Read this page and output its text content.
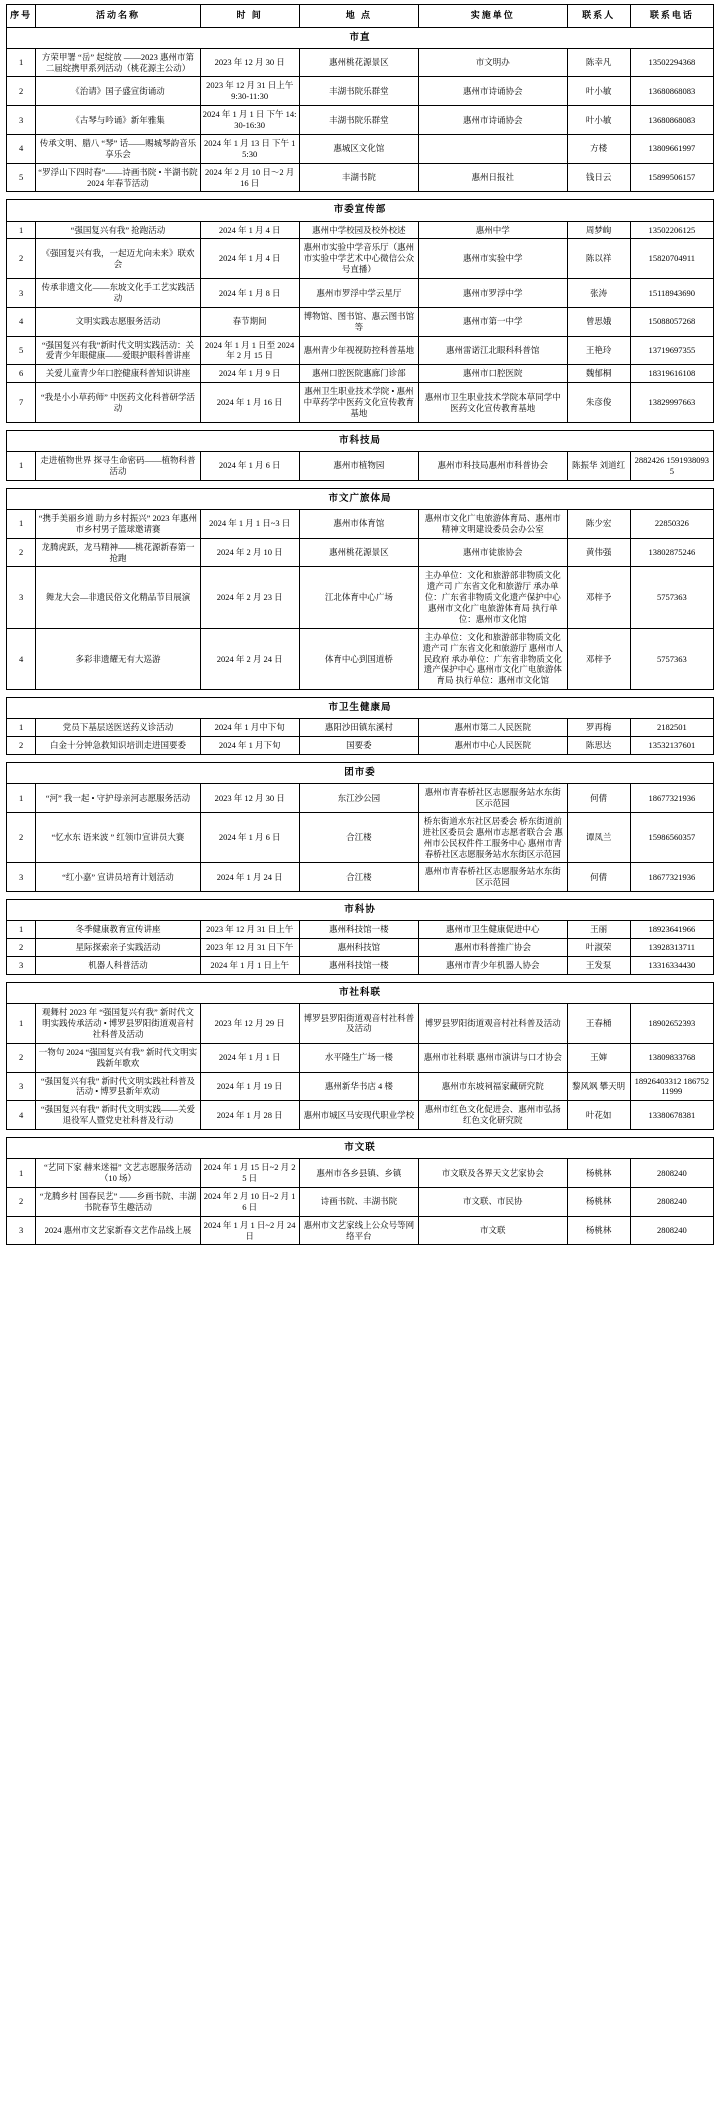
序号	活动名称	时 间	地 点	实施单位	联系人	联系电话
市直						
1	方荣甲署 “岳” 起绽放 ——2023 惠州市第二届绽携甲系列活动（桃花源主公动）	2023 年 12 月 30 日	惠州桃花源景区	市文明办	陈幸凡	13502294368
2	《治请》国子盛宣街诵动	2023 年 12 月 31 日上午 9:30-11:30	丰湖书院乐群堂	惠州市诗诵协会	叶小敏	13680868083
3	《古琴与吟诵》新年雅集	2024 年 1 月 1 日 下午 14:30-16:30	丰湖书院乐群堂	惠州市诗诵协会	叶小敏	13680868083
4	传承文明、腊八 “琴” 话——赐城琴韵音乐享乐会	2024 年 1 月 13 日 下午 15:30	惠城区文化馆		方楼	13809661997
5	“罗浮山下四时春”——诗画书院 • 半湖书院 2024 年春节活动	2024 年 2 月 10 日～2 月 16 日	丰湖书院	惠州日报社	钱日云	15899506157

市委宣传部						
1	“强国复兴有我” 抢跑活动	2024 年 1 月 4 日	惠州中学校园及校外校述	惠州中学	周梦岣	13502206125
2	《强国复兴有我，一起迈尤向未来》联欢会	2024 年 1 月 4 日	惠州市实验中学音乐厅（惠州市实验中学艺术中心微信公众号直播）	惠州市实验中学	陈以祥	15820704911
3	传承非遗文化——东坡文化手工艺实践活动	2024 年 1 月 8 日	惠州市罗浮中学云星厅	惠州市罗浮中学	张涛	15118943690
4	文明实践志愿服务活动	春节期间	博物馆、图书馆、惠云图书馆等	惠州市第一中学	曾思娥	15088057268
5	“强国复兴有我”新时代文明实践活动：关爱青少年眼健康——爱眼护眼科普讲座	2024 年 1 月 1 日至 2024 年 2 月 15 日	惠州青少年视视防控科普基地	惠州雷诺江北眼科科普馆	王艳玲	13719697355
6	关爱儿童青少年口腔健康科普知识讲座	2024 年 1 月 9 日	惠州口腔医院惠廊门诊部	惠州市口腔医院	魏郁桐	18319616108
7	“我是小小草药师” 中医药文化科普研学活动	2024 年 1 月 16 日	惠州卫生职业技术学院 • 惠州中草药学中医药文化宣传教育基地	惠州市卫生职业技术学院本草同学中医药文化宣传教育基地	朱彦俊	13829997663

市科技局						
1	走进植物世界 探寻生命密码——植物科普活动	2024 年 1 月 6 日	惠州市植物园	惠州市科技局惠州市科普协会	陈振华 刘道红	2882426 15919380935

市文广旅体局						
1	“携手美丽乡道 助力乡村振兴” 2023 年惠州市乡村男子篮球邀请赛	2024 年 1 月 1 日~3 日	惠州市体育馆	惠州市文化广电旅游体育局、惠州市精神文明建设委员会办公室	陈少宏	22850326
2	龙腾虎跃，龙马精神——桃花源新春第一抢跑	2024 年 2 月 10 日	惠州桃花源景区	惠州市徒旅协会	黄伟强	13802875246
3	舞龙大会—非遗民俗文化精品节目展演	2024 年 2 月 23 日	江北体育中心广场	主办单位：文化和旅游部非物质文化遗产司 广东省文化和旅游厅 承办单位：广东省非物质文化遗产保护中心 惠州市文化广电旅游体育局 执行单位：惠州市文化馆	邓梓予	5757363
4	多彩非遗耀无有大巡游	2024 年 2 月 24 日	体育中心到国道桥	主办单位：文化和旅游部非物质文化遗产司 广东省文化和旅游厅 惠州市人民政府 承办单位：广东省非物质文化遗产保护中心 惠州市文化广电旅游体育局 执行单位：惠州市文化馆	邓梓予	5757363

市卫生健康局						
1	党员下基层送医送药义诊活动	2024 年 1 月中下旬	惠阳沙田镇东溪村	惠州市第二人民医院	罗再梅	2182501
2	白金十分钟急救知识培训走进国要委	2024 年 1 月下旬	国要委	惠州市中心人民医院	陈思达	13532137601

团市委						
1	“河” 我一起 • 守护母亲河志愿服务活动	2023 年 12 月 30 日	东江沙公园	惠州市青春桥社区志愿服务站水东街区示范园	何倩	18677321936
2	“忆水东 语来波 ” 红领巾宣讲员大赛	2024 年 1 月 6 日	合江楼	桥东街道水东社区居委会 桥东街道前进社区委员会 惠州市志愿者联合会 惠州市公民权件件工服务中心 惠州市青春桥社区志愿服务站水东街区示范园	谭凤兰	15986560357
3	“红小嘉” 宣讲员培育计划活动	2024 年 1 月 24 日	合江楼	惠州市青春桥社区志愿服务站水东街区示范园	何倩	18677321936

市科协						
1	冬季健康教育宣传讲座	2023 年 12 月 31 日上午	惠州科技馆一楼	惠州市卫生健康促进中心	王丽	18923641966
2	星际探索亲子实践活动	2023 年 12 月 31 日下午	惠州科技馆	惠州市科普推广协会	叶淑荣	13928313711
3	机器人科普活动	2024 年 1 月 1 日上午	惠州科技馆一楼	惠州市青少年机器人协会	王发泵	13316334430

市社科联						
1	观舞村 2023 年 “强国复兴有我” 新时代文明实践传承活动 • 博罗县罗阳街道观音村社科普及活动	2023 年 12 月 29 日	博罗县罗阳街道观音村社科普及活动	博罗县罗阳街道观音村社科普及活动	王春桶	18902652393
2	一物句 2024 “强国复兴有我” 新时代文明实践新年歌欢	2024 年 1 月 1 日	水平隆生广场一楼	惠州市社科联 惠州市演讲与口才协会	王婶	13809833768
3	“强国复兴有我” 新时代文明实践社科普及活动 • 博罗县新年欢动	2024 年 1 月 19 日	惠州新华书店 4 楼	惠州市东坡祠福家藏研究院	黎风飒 攀天明	18926403312 18675211999
4	“强国复兴有我” 新时代文明实践——关爱退役军人暨党史社科普及行动	2024 年 1 月 28 日	惠州市城区马安现代职业学校	惠州市红色文化促进会、惠州市弘扬红色文化研究院	叶花如	13380678381

市文联						
1	“艺同下家 赫来迷福” 文艺志愿服务活动（10 场）	2024 年 1 月 15 日~2 月 25 日	惠州市各乡县镇、乡镇	市文联及各界天文艺家协会	杨桃林	2808240
2	“龙腾乡村 国春民艺” ——乡画书院、丰湖书院春节生趣活动	2024 年 2 月 10 日~2 月 16 日	诗画书院、丰湖书院	市文联、市民协	杨桃林	2808240
3	2024 惠州市文艺家新春文艺作品线上展	2024 年 1 月 1 日~2 月 24 日	惠州市文艺家线上公众号等网络平台	市文联	杨桃林	2808240
